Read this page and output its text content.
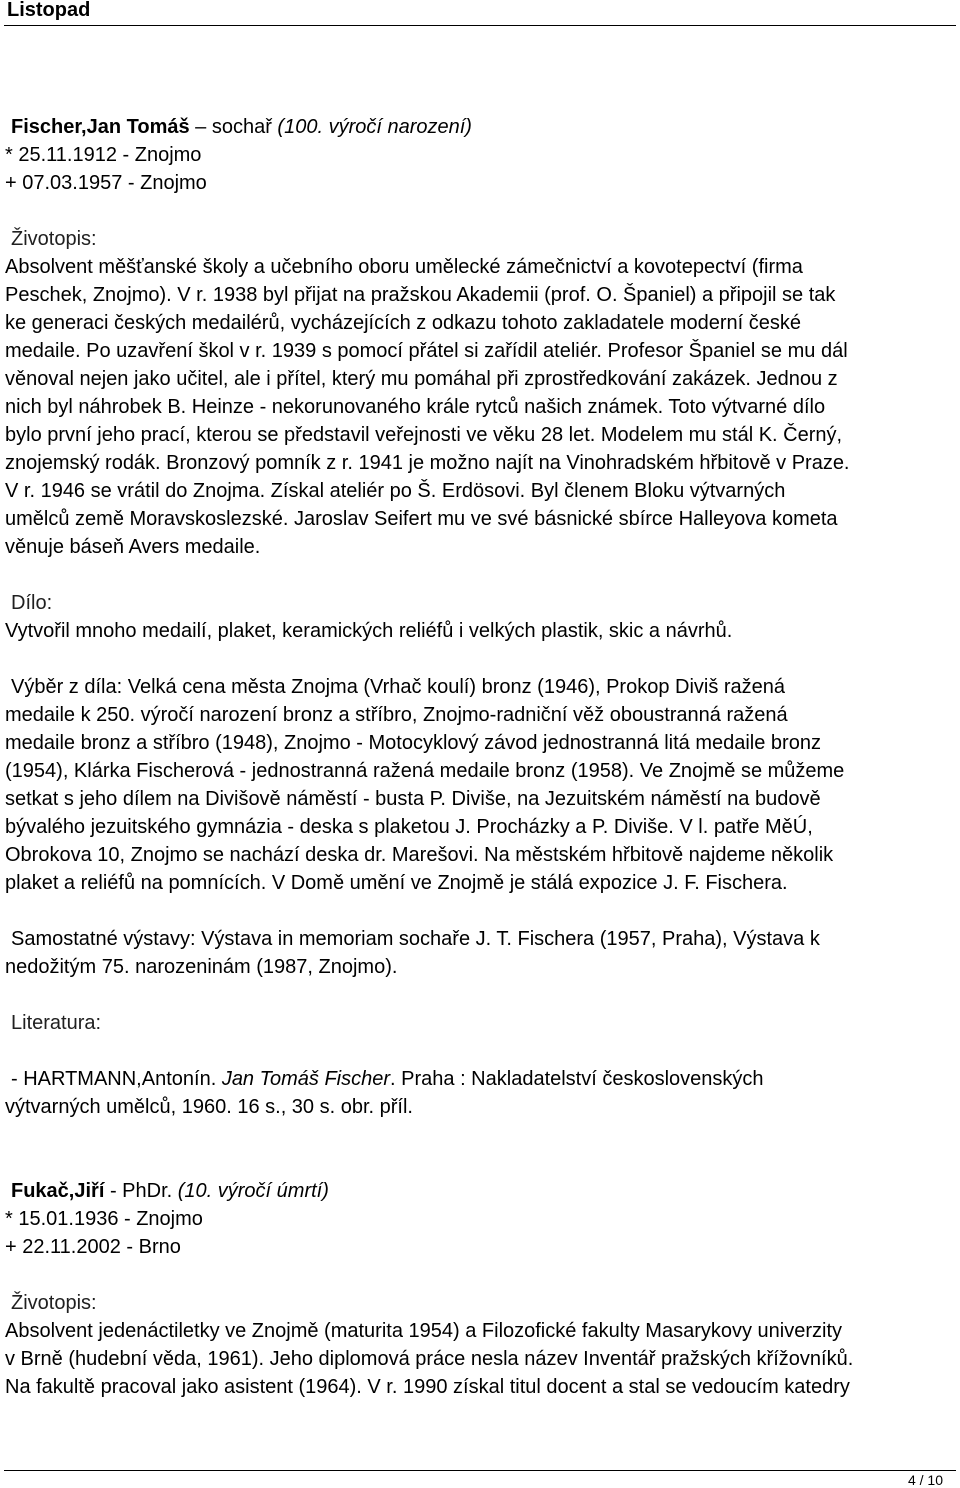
Listopad

Fischer,Jan Tomáš – sochař (100. výročí narození)

* 25.11.1912 - Znojmo

+ 07.03.1957 - Znojmo

Životopis:

Absolvent měšťanské školy a učebního oboru umělecké zámečnictví a kovotepectví (firma

Peschek, Znojmo). V r. 1938 byl přijat na pražskou Akademii (prof. O. Španiel) a připojil se tak

ke generaci českých medailérů, vycházejících z odkazu tohoto zakladatele moderní české

medaile. Po uzavření škol v r. 1939 s pomocí přátel si zařídil ateliér. Profesor Španiel se mu dál

věnoval nejen jako učitel, ale i přítel, který mu pomáhal při zprostředkování zakázek. Jednou z

nich byl náhrobek B. Heinze - nekorunovaného krále rytců našich známek. Toto výtvarné dílo

bylo první jeho prací, kterou se představil veřejnosti ve věku 28 let. Modelem mu stál K. Černý,

znojemský rodák. Bronzový pomník z r. 1941 je možno najít na Vinohradském hřbitově v Praze.

V r. 1946 se vrátil do Znojma. Získal ateliér po Š. Erdösovi. Byl členem Bloku výtvarných

umělců země Moravskoslezské. Jaroslav Seifert mu ve své básnické sbírce Halleyova kometa

věnuje báseň Avers medaile.

Dílo:

Vytvořil mnoho medailí, plaket, keramických reliéfů i velkých plastik, skic a návrhů.

Výběr z díla: Velká cena města Znojma (Vrhač koulí) bronz (1946), Prokop Diviš ražená

medaile k 250. výročí narození bronz a stříbro, Znojmo-radniční věž oboustranná ražená

medaile bronz a stříbro (1948), Znojmo - Motocyklový závod jednostranná litá medaile bronz

(1954), Klárka Fischerová - jednostranná ražená medaile bronz (1958). Ve Znojmě se můžeme

setkat s jeho dílem na Divišově náměstí - busta P. Diviše, na Jezuitském náměstí na budově

bývalého jezuitského gymnázia - deska s plaketou J. Procházky a P. Diviše. V l. patře MěÚ,

Obrokova 10, Znojmo se nachází deska dr. Marešovi. Na městském hřbitově najdeme několik

plaket a reliéfů na pomnících. V Domě umění ve Znojmě je stálá expozice J. F. Fischera.

Samostatné výstavy: Výstava in memoriam sochaře J. T. Fischera (1957, Praha), Výstava k

nedožitým 75. narozeninám (1987, Znojmo).

Literatura:

- HARTMANN,Antonín. Jan Tomáš Fischer. Praha : Nakladatelství československých

výtvarných umělců, 1960. 16 s., 30 s. obr. příl.

Fukač,Jiří - PhDr. (10. výročí úmrtí)

* 15.01.1936 - Znojmo

+ 22.11.2002 - Brno

Životopis:

Absolvent jedenáctiletky ve Znojmě (maturita 1954) a Filozofické fakulty Masarykovy univerzity

v Brně (hudební věda, 1961). Jeho diplomová práce nesla název Inventář pražských křížovníků.

Na fakultě pracoval jako asistent (1964). V r. 1990 získal titul docent a stal se vedoucím katedry

4 / 10
